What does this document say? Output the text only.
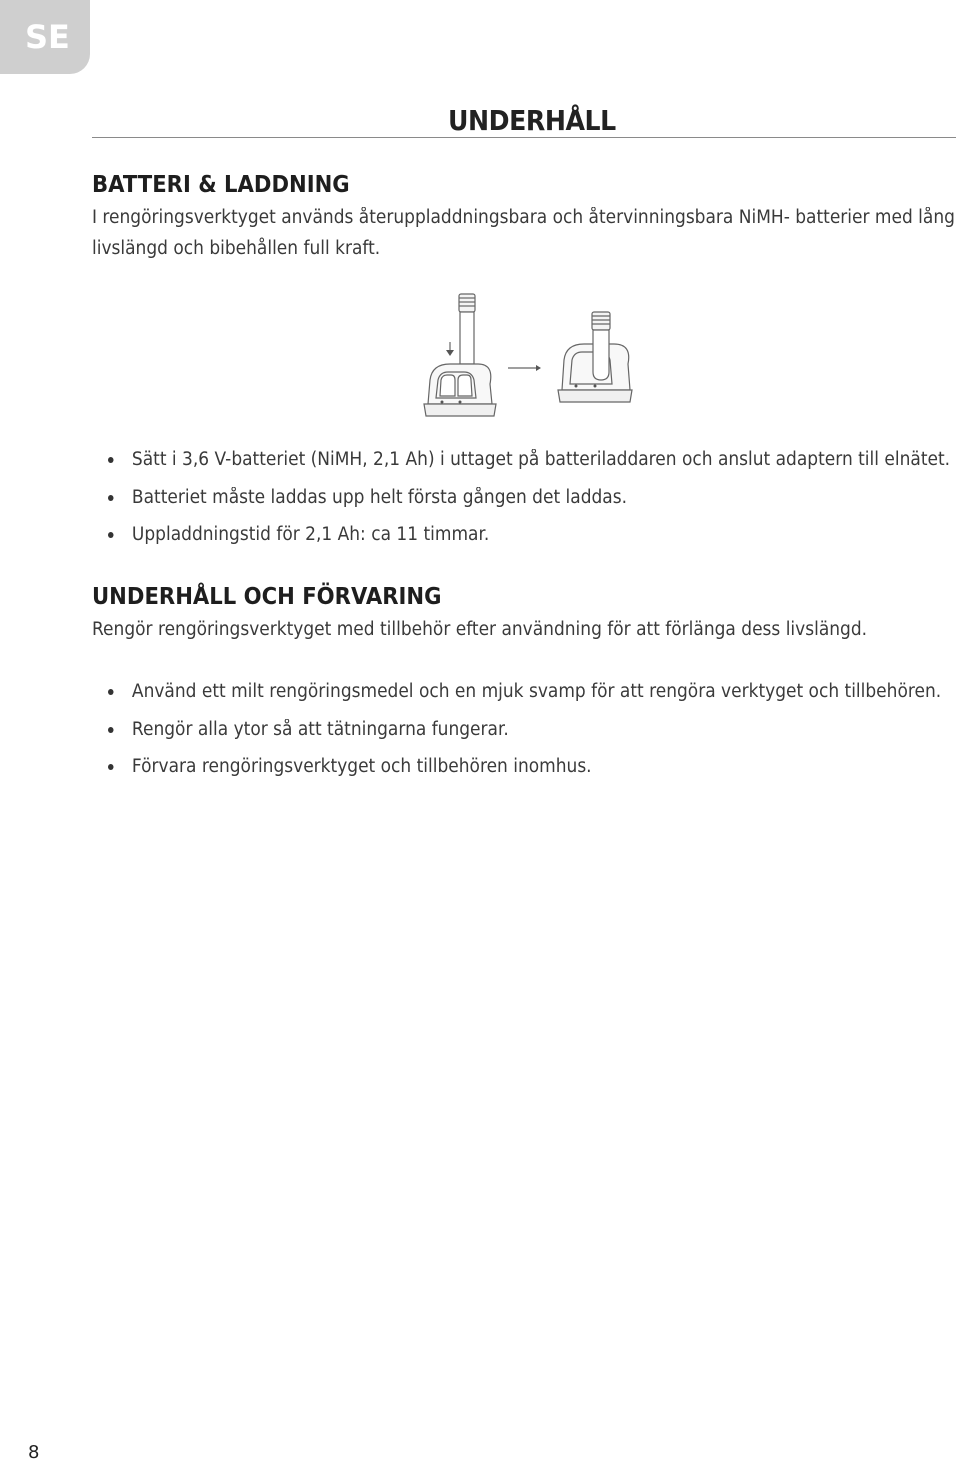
SE
UNDERHÅLL
BATTERI & LADDNING

I rengöringsverktyget används återuppladdningsbara och återvinningsbara NiMH- batterier med lång livslängd och bibehållen full kraft.

Sätt i 3,6 V-batteriet (NiMH, 2,1 Ah) i uttaget på batteriladdaren och anslut adaptern till elnätet.
Batteriet måste laddas upp helt första gången det laddas.
Uppladdningstid för 2,1 Ah: ca 11 timmar.
UNDERHÅLL OCH FÖRVARING

Rengör rengöringsverktyget med tillbehör efter användning för att förlänga dess livslängd.

Använd ett milt rengöringsmedel och en mjuk svamp för att rengöra verktyget och tillbehören.
Rengör alla ytor så att tätningarna fungerar.
Förvara rengöringsverktyget och tillbehören inomhus.
8
